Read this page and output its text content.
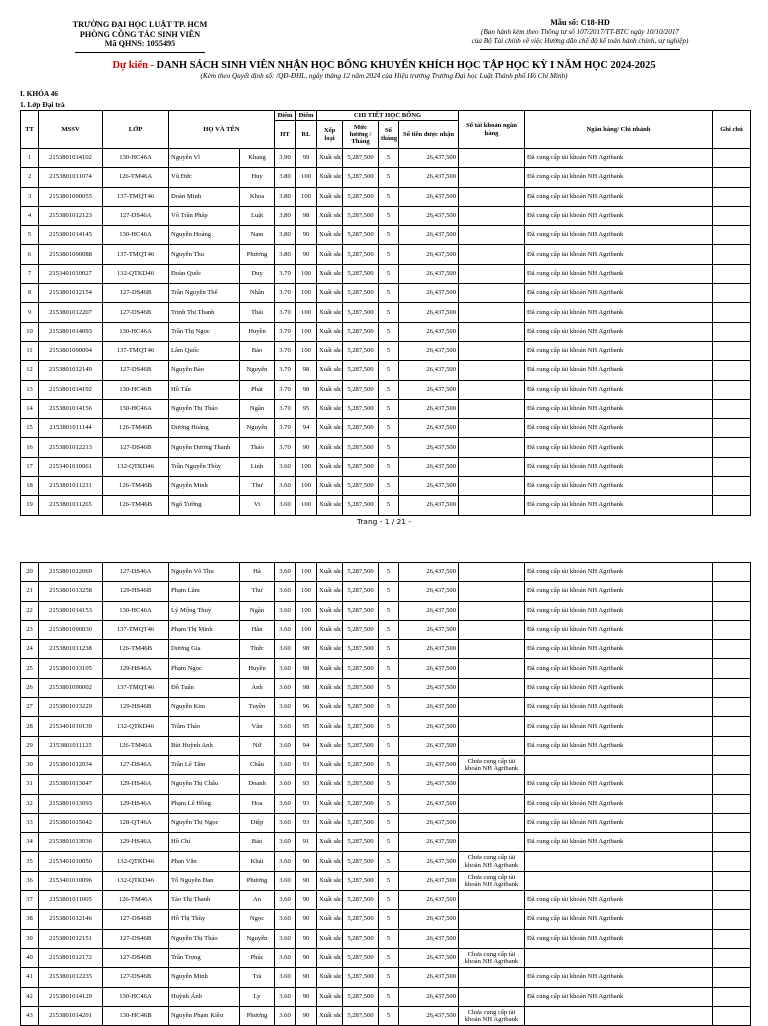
TRƯỜNG ĐẠI HỌC LUẬT TP. HCM
PHÒNG CÔNG TÁC SINH VIÊN
Mã QHNS: 1055495
Mẫu số: C18-HD
(Ban hành kèm theo Thông tư số 107/2017/TT-BTC ngày 10/10/2017
của Bộ Tài chính về việc Hướng dẫn chế độ kế toán hành chính, sự nghiệp)
Dự kiến - DANH SÁCH SINH VIÊN NHẬN HỌC BỔNG KHUYẾN KHÍCH HỌC TẬP HỌC KỲ I NĂM HỌC 2024-2025
(Kèm theo Quyết định số: /QĐ-ĐHL, ngày tháng 12 năm 2024 của Hiệu trưởng Trường Đại học Luật Thành phố Hồ Chí Minh)
I. KHÓA 46
1. Lớp Đại trà
TT	MSSV	LỚP	HỌ VÀ TÊN		Điểm	Điểm	CHI TIẾT HỌC BỔNG				Số tài khoản ngân hàng	Ngân hàng/ Chi nhánh	Ghi chú
					HT	RL	Xếp loại	Mức hưởng / Tháng	Số tháng	Số tiền được nhận			
1	2153801014102	130-HC46A	Nguyễn Vĩ	Khang	3.90	99	Xuất sắc	5,287,500	5	26,437,500		Đã cung cấp tài khoản NH Agribank	
2	2153801011074	126-TM46A	Vũ Đức	Huy	3.80	100	Xuất sắc	5,287,500	5	26,437,500		Đã cung cấp tài khoản NH Agribank	
3	2153801090055	137-TMQT46	Đoàn Minh	Khoa	3.80	100	Xuất sắc	5,287,500	5	26,437,500		Đã cung cấp tài khoản NH Agribank	
4	2153801012123	127-DS46A	Võ Trần Pháp	Luật	3.80	98	Xuất sắc	5,287,500	5	26,437,500		Đã cung cấp tài khoản NH Agribank	
5	2153801014145	130-HC46A	Nguyễn Hoàng	Nam	3.80	90	Xuất sắc	5,287,500	5	26,437,500		Đã cung cấp tài khoản NH Agribank	
6	2153801090088	137-TMQT46	Nguyễn Thu	Phương	3.80	90	Xuất sắc	5,287,500	5	26,437,500		Đã cung cấp tài khoản NH Agribank	
7	2153401010027	132-QTKD46	Đoàn Quốc	Duy	3.70	100	Xuất sắc	5,287,500	5	26,437,500		Đã cung cấp tài khoản NH Agribank	
8	2153801012154	127-DS46B	Trần Nguyễn Thế	Nhân	3.70	100	Xuất sắc	5,287,500	5	26,437,500		Đã cung cấp tài khoản NH Agribank	
9	2153801012207	127-DS46B	Trịnh Thị Thanh	Thái	3.70	100	Xuất sắc	5,287,500	5	26,437,500		Đã cung cấp tài khoản NH Agribank	
10	2153801014093	130-HC46A	Trần Thị Ngọc	Huyền	3.70	100	Xuất sắc	5,287,500	5	26,437,500		Đã cung cấp tài khoản NH Agribank	
11	2153801090004	137-TMQT46	Lâm Quốc	Bảo	3.70	100	Xuất sắc	5,287,500	5	26,437,500		Đã cung cấp tài khoản NH Agribank	
12	2153801012149	127-DS46B	Nguyễn Bảo	Nguyên	3.70	98	Xuất sắc	5,287,500	5	26,437,500		Đã cung cấp tài khoản NH Agribank	
13	2153801014192	130-HC46B	Hồ Tấn	Phát	3.70	98	Xuất sắc	5,287,500	5	26,437,500		Đã cung cấp tài khoản NH Agribank	
14	2153801014156	130-HC46A	Nguyễn Thị Thảo	Ngân	3.70	95	Xuất sắc	5,287,500	5	26,437,500		Đã cung cấp tài khoản NH Agribank	
15	2153801011144	126-TM46B	Dương Hoàng	Nguyên	3.70	94	Xuất sắc	5,287,500	5	26,437,500		Đã cung cấp tài khoản NH Agribank	
16	2153801012213	127-DS46B	Nguyễn Dương Thanh	Thảo	3.70	90	Xuất sắc	5,287,500	5	26,437,500		Đã cung cấp tài khoản NH Agribank	
17	2153401010061	132-QTKD46	Trần Nguyễn Thùy	Linh	3.60	100	Xuất sắc	5,287,500	5	26,437,500		Đã cung cấp tài khoản NH Agribank	
18	2153801011231	126-TM46B	Nguyễn Minh	Thư	3.60	100	Xuất sắc	5,287,500	5	26,437,500		Đã cung cấp tài khoản NH Agribank	
19	2153801011265	126-TM46B	Ngô Tường	Vi	3.60	100	Xuất sắc	5,287,500	5	26,437,500		Đã cung cấp tài khoản NH Agribank	
Trang - 1 / 21 -
20	2153801012069	127-DS46A	Nguyễn Võ Thu	Hà	3.60	100	Xuất sắc	5,287,500	5	26,437,500		Đã cung cấp tài khoản NH Agribank	
21	2153801013258	129-HS46B	Phạm Lâm	Thư	3.60	100	Xuất sắc	5,287,500	5	26,437,500		Đã cung cấp tài khoản NH Agribank	
22	2153801014153	130-HC46A	Lý Mộng Thuý	Ngân	3.60	100	Xuất sắc	5,287,500	5	26,437,500		Đã cung cấp tài khoản NH Agribank	
23	2153801090030	137-TMQT46	Phạm Thị Minh	Hân	3.60	100	Xuất sắc	5,287,500	5	26,437,500		Đã cung cấp tài khoản NH Agribank	
24	2153801011238	126-TM46B	Dương Gia	Thức	3.60	98	Xuất sắc	5,287,500	5	26,437,500		Đã cung cấp tài khoản NH Agribank	
25	2153801013105	129-HS46A	Phạm Ngọc	Huyền	3.60	98	Xuất sắc	5,287,500	5	26,437,500		Đã cung cấp tài khoản NH Agribank	
26	2153801090002	137-TMQT46	Đỗ Tuấn	Anh	3.60	98	Xuất sắc	5,287,500	5	26,437,500		Đã cung cấp tài khoản NH Agribank	
27	2153801013229	129-HS46B	Nguyễn Kim	Tuyền	3.60	96	Xuất sắc	5,287,500	5	26,437,500		Đã cung cấp tài khoản NH Agribank	
28	2153401010139	132-QTKD46	Trầm Thảo	Vân	3.60	95	Xuất sắc	5,287,500	5	26,437,500		Đã cung cấp tài khoản NH Agribank	
29	2153801011125	126-TM46A	Bùi Huỳnh Anh	Nữ	3.60	94	Xuất sắc	5,287,500	5	26,437,500		Đã cung cấp tài khoản NH Agribank	
30	2153801012034	127-DS46A	Trần Lê Tâm	Châu	3.60	93	Xuất sắc	5,287,500	5	26,437,500	Chưa cung cấp tài khoản NH Agribank		
31	2153801013047	129-HS46A	Nguyễn Thị Châu	Doanh	3.60	93	Xuất sắc	5,287,500	5	26,437,500		Đã cung cấp tài khoản NH Agribank	
32	2153801013093	129-HS46A	Phạm Lê Hồng	Hoa	3.60	93	Xuất sắc	5,287,500	5	26,437,500		Đã cung cấp tài khoản NH Agribank	
33	2153801015042	128-QT46A	Nguyễn Thị Ngọc	Diệp	3.60	93	Xuất sắc	5,287,500	5	26,437,500		Đã cung cấp tài khoản NH Agribank	
34	2153801013036	129-HS46A	Hồ Chí	Bảo	3.60	91	Xuất sắc	5,287,500	5	26,437,500		Đã cung cấp tài khoản NH Agribank	
35	2153401010050	132-QTKD46	Phan Văn	Khải	3.60	90	Xuất sắc	5,287,500	5	26,437,500	Chưa cung cấp tài khoản NH Agribank		
36	2153401010096	132-QTKD46	Tô Nguyễn Đan	Phương	3.60	90	Xuất sắc	5,287,500	5	26,437,500	Chưa cung cấp tài khoản NH Agribank		
37	2153801011005	126-TM46A	Tào Thị Thanh	An	3.60	90	Xuất sắc	5,287,500	5	26,437,500		Đã cung cấp tài khoản NH Agribank	
38	2153801012146	127-DS46B	Hồ Thị Thùy	Ngọc	3.60	90	Xuất sắc	5,287,500	5	26,437,500		Đã cung cấp tài khoản NH Agribank	
39	2153801012151	127-DS46B	Nguyễn Thị Thảo	Nguyên	3.60	90	Xuất sắc	5,287,500	5	26,437,500		Đã cung cấp tài khoản NH Agribank	
40	2153801012172	127-DS46B	Trần Trọng	Phúc	3.60	90	Xuất sắc	5,287,500	5	26,437,500	Chưa cung cấp tài khoản NH Agribank		
41	2153801012235	127-DS46B	Nguyễn Minh	Trà	3.60	90	Xuất sắc	5,287,500	5	26,437,500		Đã cung cấp tài khoản NH Agribank	
42	2153801014129	130-HC46A	Huỳnh Ánh	Ly	3.60	90	Xuất sắc	5,287,500	5	26,437,500		Đã cung cấp tài khoản NH Agribank	
43	2153801014201	130-HC46B	Nguyễn Phạm Kiều	Phương	3.60	90	Xuất sắc	5,287,500	5	26,437,500	Chưa cung cấp tài khoản NH Agribank		
